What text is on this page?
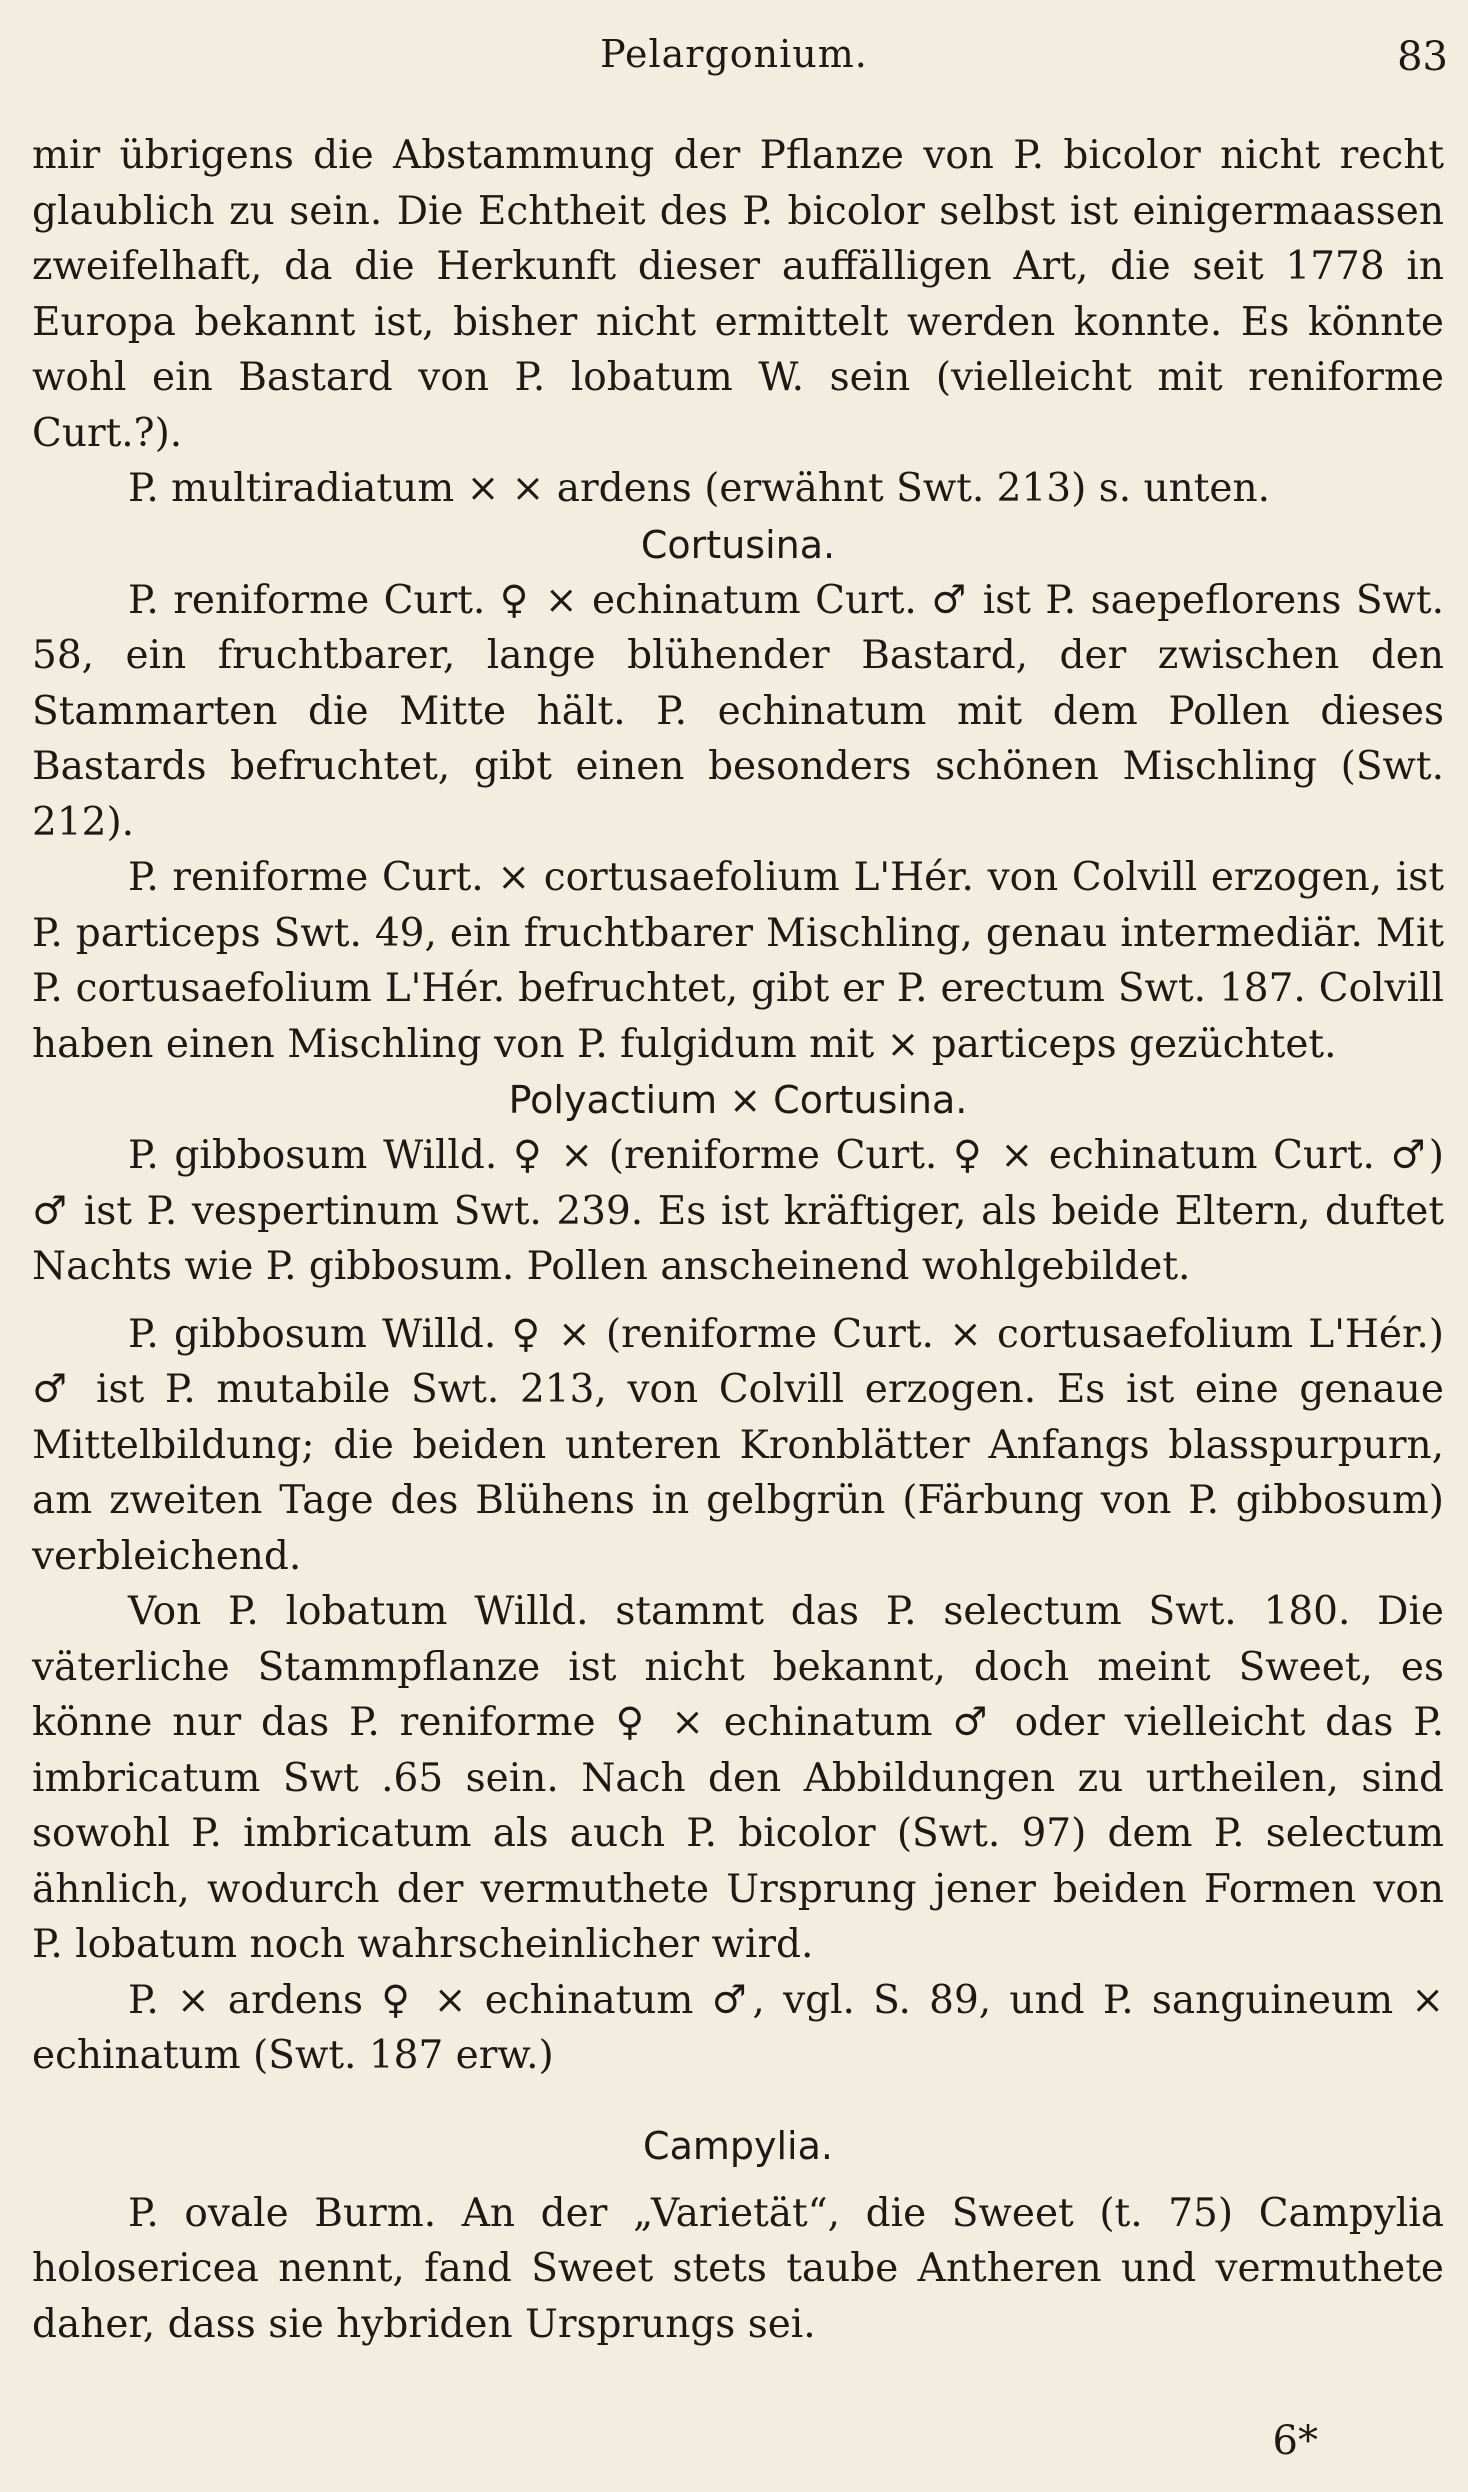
Pelargonium.	83

mir übrigens die Abstammung der Pflanze von P. bicolor nicht recht glaublich zu sein. Die Echtheit des P. bicolor selbst ist einigermaassen zweifelhaft, da die Herkunft dieser auffälligen Art, die seit 1778 in Europa bekannt ist, bisher nicht ermittelt werden konnte. Es könnte wohl ein Bastard von P. lobatum W. sein (vielleicht mit reniforme Curt.?).

P. multiradiatum × ⨯ ardens (erwähnt Swt. 213) s. unten.

Cortusina.

P. reniforme Curt. ♀ × echinatum Curt. ♂ ist P. saepeflorens Swt. 58, ein fruchtbarer, lange blühender Bastard, der zwischen den Stammarten die Mitte hält. P. echinatum mit dem Pollen dieses Bastards befruchtet, gibt einen besonders schönen Mischling (Swt. 212).

P. reniforme Curt. × cortusaefolium L'Hér. von Colvill erzogen, ist P. particeps Swt. 49, ein fruchtbarer Mischling, genau intermediär. Mit P. cortusaefolium L'Hér. befruchtet, gibt er P. erectum Swt. 187. Colvill haben einen Mischling von P. fulgidum mit ⨯ particeps gezüchtet.

Polyactium × Cortusina.

P. gibbosum Willd. ♀ × (reniforme Curt. ♀ × echinatum Curt. ♂) ♂ ist P. vespertinum Swt. 239. Es ist kräftiger, als beide Eltern, duftet Nachts wie P. gibbosum. Pollen anscheinend wohlgebildet.

P. gibbosum Willd. ♀ × (reniforme Curt. × cortusaefolium L'Hér.) ♂ ist P. mutabile Swt. 213, von Colvill erzogen. Es ist eine genaue Mittelbildung; die beiden unteren Kronblätter Anfangs blasspurpurn, am zweiten Tage des Blühens in gelbgrün (Färbung von P. gibbosum) verbleichend.

Von P. lobatum Willd. stammt das P. selectum Swt. 180. Die väterliche Stammpflanze ist nicht bekannt, doch meint Sweet, es könne nur das P. reniforme ♀ × echinatum ♂ oder vielleicht das P. imbricatum Swt .65 sein. Nach den Abbildungen zu urtheilen, sind sowohl P. imbricatum als auch P. bicolor (Swt. 97) dem P. selectum ähnlich, wodurch der vermuthete Ursprung jener beiden Formen von P. lobatum noch wahrscheinlicher wird.

P. ⨯ ardens ♀ × echinatum ♂, vgl. S. 89, und P. sanguineum × echinatum (Swt. 187 erw.)

Campylia.

P. ovale Burm. An der „Varietät“, die Sweet (t. 75) Campylia holosericea nennt, fand Sweet stets taube Antheren und vermuthete daher, dass sie hybriden Ursprungs sei.

6*
